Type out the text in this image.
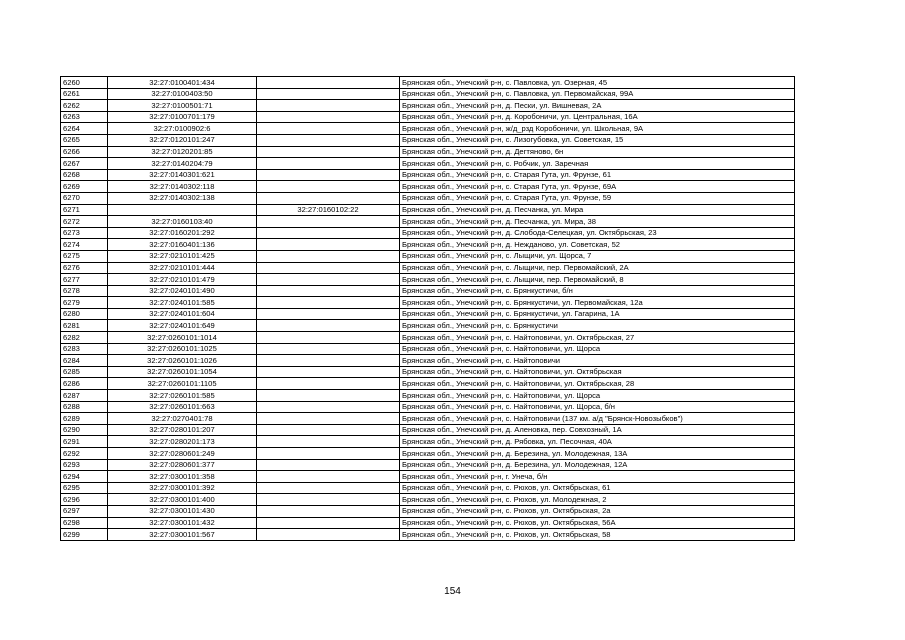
6260	32:27:0100401:434		Брянская обл., Унечский р-н, с. Павловка, ул. Озерная, 45
6261	32:27:0100403:50		Брянская обл., Унечский р-н, с. Павловка, ул. Первомайская, 99А
6262	32:27:0100501:71		Брянская обл., Унечский р-н, д. Пески, ул. Вишневая, 2А
6263	32:27:0100701:179		Брянская обл., Унечский р-н, д. Коробоничи, ул. Центральная, 16А
6264	32:27:0100902:6		Брянская обл., Унечский р-н, ж/д_рзд Коробоничи, ул. Школьная, 9А
6265	32:27:0120101:247		Брянская обл., Унечский р-н, с. Лизогубовка, ул. Советская, 15
6266	32:27:0120201:85		Брянская обл., Унечский р-н, д. Дегтяново, 6н
6267	32:27:0140204:79		Брянская обл., Унечский р-н, с. Робчик, ул. Заречная
6268	32:27:0140301:621		Брянская обл., Унечский р-н, с. Старая Гута, ул. Фрунзе, 61
6269	32:27:0140302:118		Брянская обл., Унечский р-н, с. Старая Гута, ул. Фрунзе, 69А
6270	32:27:0140302:138		Брянская обл., Унечский р-н, с. Старая Гута, ул. Фрунзе, 59
6271		32:27:0160102:22	Брянская обл., Унечский р-н, д. Песчанка, ул. Мира
6272	32:27:0160103:40		Брянская обл., Унечский р-н, д. Песчанка, ул. Мира, 38
6273	32:27:0160201:292		Брянская обл., Унечский р-н, д. Слобода-Селецкая, ул. Октябрьская, 23
6274	32:27:0160401:136		Брянская обл., Унечский р-н, д. Нежданово, ул. Советская, 52
6275	32:27:0210101:425		Брянская обл., Унечский р-н, с. Лыщичи, ул. Щорса, 7
6276	32:27:0210101:444		Брянская обл., Унечский р-н, с. Лыщичи, пер. Первомайский, 2А
6277	32:27:0210101:479		Брянская обл., Унечский р-н, с. Лыщичи, пер. Первомайский, 8
6278	32:27:0240101:490		Брянская обл., Унечский р-н, с. Брянкустичи, б/н
6279	32:27:0240101:585		Брянская обл., Унечский р-н, с. Брянкустичи, ул. Первомайская, 12а
6280	32:27:0240101:604		Брянская обл., Унечский р-н, с. Брянкустичи, ул. Гагарина, 1А
6281	32:27:0240101:649		Брянская обл., Унечский р-н, с. Брянкустичи
6282	32:27:0260101:1014		Брянская обл., Унечский р-н, с. Найтоповичи, ул. Октябрьская, 27
6283	32:27:0260101:1025		Брянская обл., Унечский р-н, с. Найтоповичи, ул. Щорса
6284	32:27:0260101:1026		Брянская обл., Унечский р-н, с. Найтоповичи
6285	32:27:0260101:1054		Брянская обл., Унечский р-н, с. Найтоповичи, ул. Октябрьская
6286	32:27:0260101:1105		Брянская обл., Унечский р-н, с. Найтоповичи, ул. Октябрьская, 28
6287	32:27:0260101:585		Брянская обл., Унечский р-н, с. Найтоповичи, ул. Щорса
6288	32:27:0260101:663		Брянская обл., Унечский р-н, с. Найтоповичи, ул. Щорса, б/н
6289	32:27:0270401:78		Брянская обл., Унечский р-н, с. Найтоповичи (137 км. а/д "Брянск-Новозыбков")
6290	32:27:0280101:207		Брянская обл., Унечский р-н, д. Аленовка, пер. Совхозный, 1А
6291	32:27:0280201:173		Брянская обл., Унечский р-н, д. Рябовка, ул. Песочная, 40А
6292	32:27:0280601:249		Брянская обл., Унечский р-н, д. Березина, ул. Молодежная, 13А
6293	32:27:0280601:377		Брянская обл., Унечский р-н, д. Березина, ул. Молодежная, 12А
6294	32:27:0300101:358		Брянская обл., Унечский р-н, г. Унеча, б/н
6295	32:27:0300101:392		Брянская обл., Унечский р-н, с. Рюхов, ул. Октябрьская, 61
6296	32:27:0300101:400		Брянская обл., Унечский р-н, с. Рюхов, ул. Молодежная, 2
6297	32:27:0300101:430		Брянская обл., Унечский р-н, с. Рюхов, ул. Октябрьская, 2а
6298	32:27:0300101:432		Брянская обл., Унечский р-н, с. Рюхов, ул. Октябрьская, 56А
6299	32:27:0300101:567		Брянская обл., Унечский р-н, с. Рюхов, ул. Октябрьская, 58
154
